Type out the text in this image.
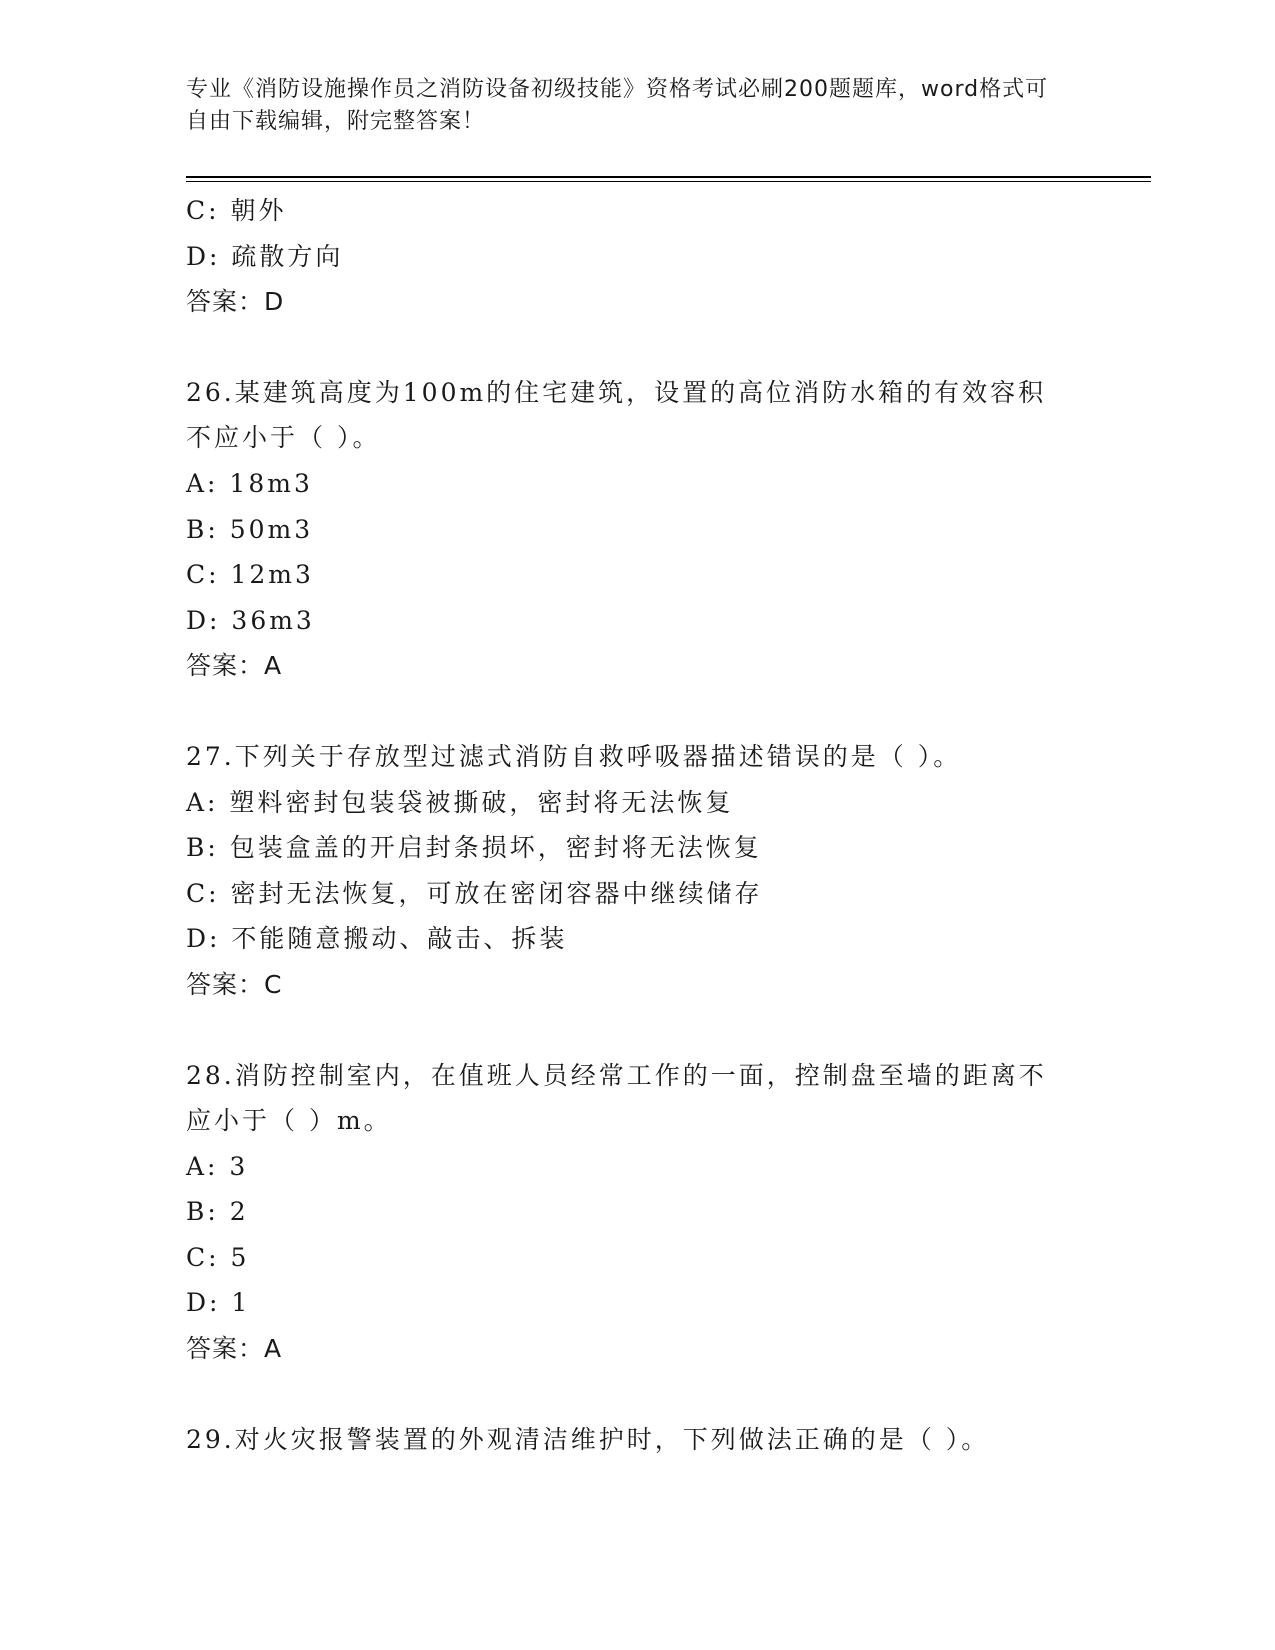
专业《消防设施操作员之消防设备初级技能》资格考试必刷200题题库，word格式可自由下载编辑，附完整答案！
C: 朝外
D: 疏散方向
答案：D
26.某建筑高度为100m的住宅建筑，设置的高位消防水箱的有效容积不应小于（ ）。
A: 18m3
B: 50m3
C: 12m3
D: 36m3
答案：A
27.下列关于存放型过滤式消防自救呼吸器描述错误的是（ ）。
A: 塑料密封包装袋被撕破，密封将无法恢复
B: 包装盒盖的开启封条损坏，密封将无法恢复
C: 密封无法恢复，可放在密闭容器中继续储存
D: 不能随意搬动、敲击、拆装
答案：C
28.消防控制室内，在值班人员经常工作的一面，控制盘至墙的距离不应小于（ ）m。
A: 3
B: 2
C: 5
D: 1
答案：A
29.对火灾报警装置的外观清洁维护时，下列做法正确的是（ ）。
